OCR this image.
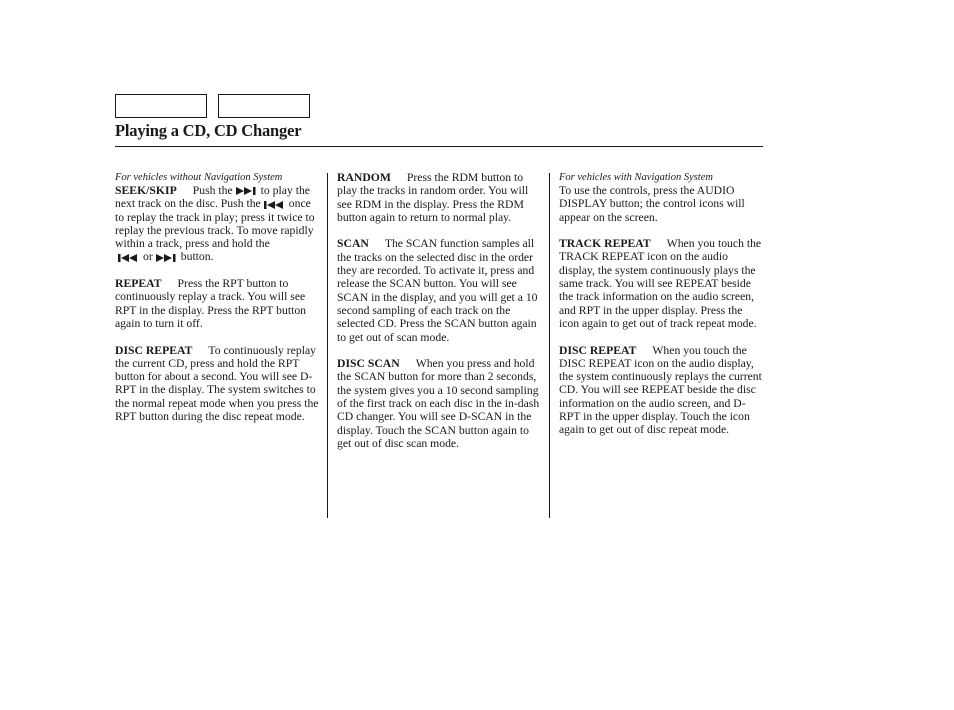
Playing a CD, CD Changer

For vehicles without Navigation System

SEEK/SKIP Push the to play the next track on the disc. Push the once to replay the track in play; press it twice to replay the previous track. To move rapidly within a track, press and hold the
or button.

REPEAT Press the RPT button to continuously replay a track. You will see RPT in the display. Press the RPT button again to turn it off.

DISC REPEAT To continuously replay the current CD, press and hold the RPT button for about a second. You will see D-RPT in the display. The system switches to the normal repeat mode when you press the RPT button during the disc repeat mode.

RANDOM Press the RDM button to play the tracks in random order. You will see RDM in the display. Press the RDM button again to return to normal play.

SCAN The SCAN function samples all the tracks on the selected disc in the order they are recorded. To activate it, press and release the SCAN button. You will see SCAN in the display, and you will get a 10 second sampling of each track on the selected CD. Press the SCAN button again to get out of scan mode.

DISC SCAN When you press and hold the SCAN button for more than 2 seconds, the system gives you a 10 second sampling of the first track on each disc in the in-dash CD changer. You will see D-SCAN in the display. Touch the SCAN button again to get out of disc scan mode.

For vehicles with Navigation System

To use the controls, press the AUDIO DISPLAY button; the control icons will appear on the screen.

TRACK REPEAT When you touch the TRACK REPEAT icon on the audio display, the system continuously plays the same track. You will see REPEAT beside the track information on the audio screen, and RPT in the upper display. Press the icon again to get out of track repeat mode.

DISC REPEAT When you touch the DISC REPEAT icon on the audio display, the system continuously replays the current CD. You will see REPEAT beside the disc information on the audio screen, and D-RPT in the upper display. Touch the icon again to get out of disc repeat mode.
